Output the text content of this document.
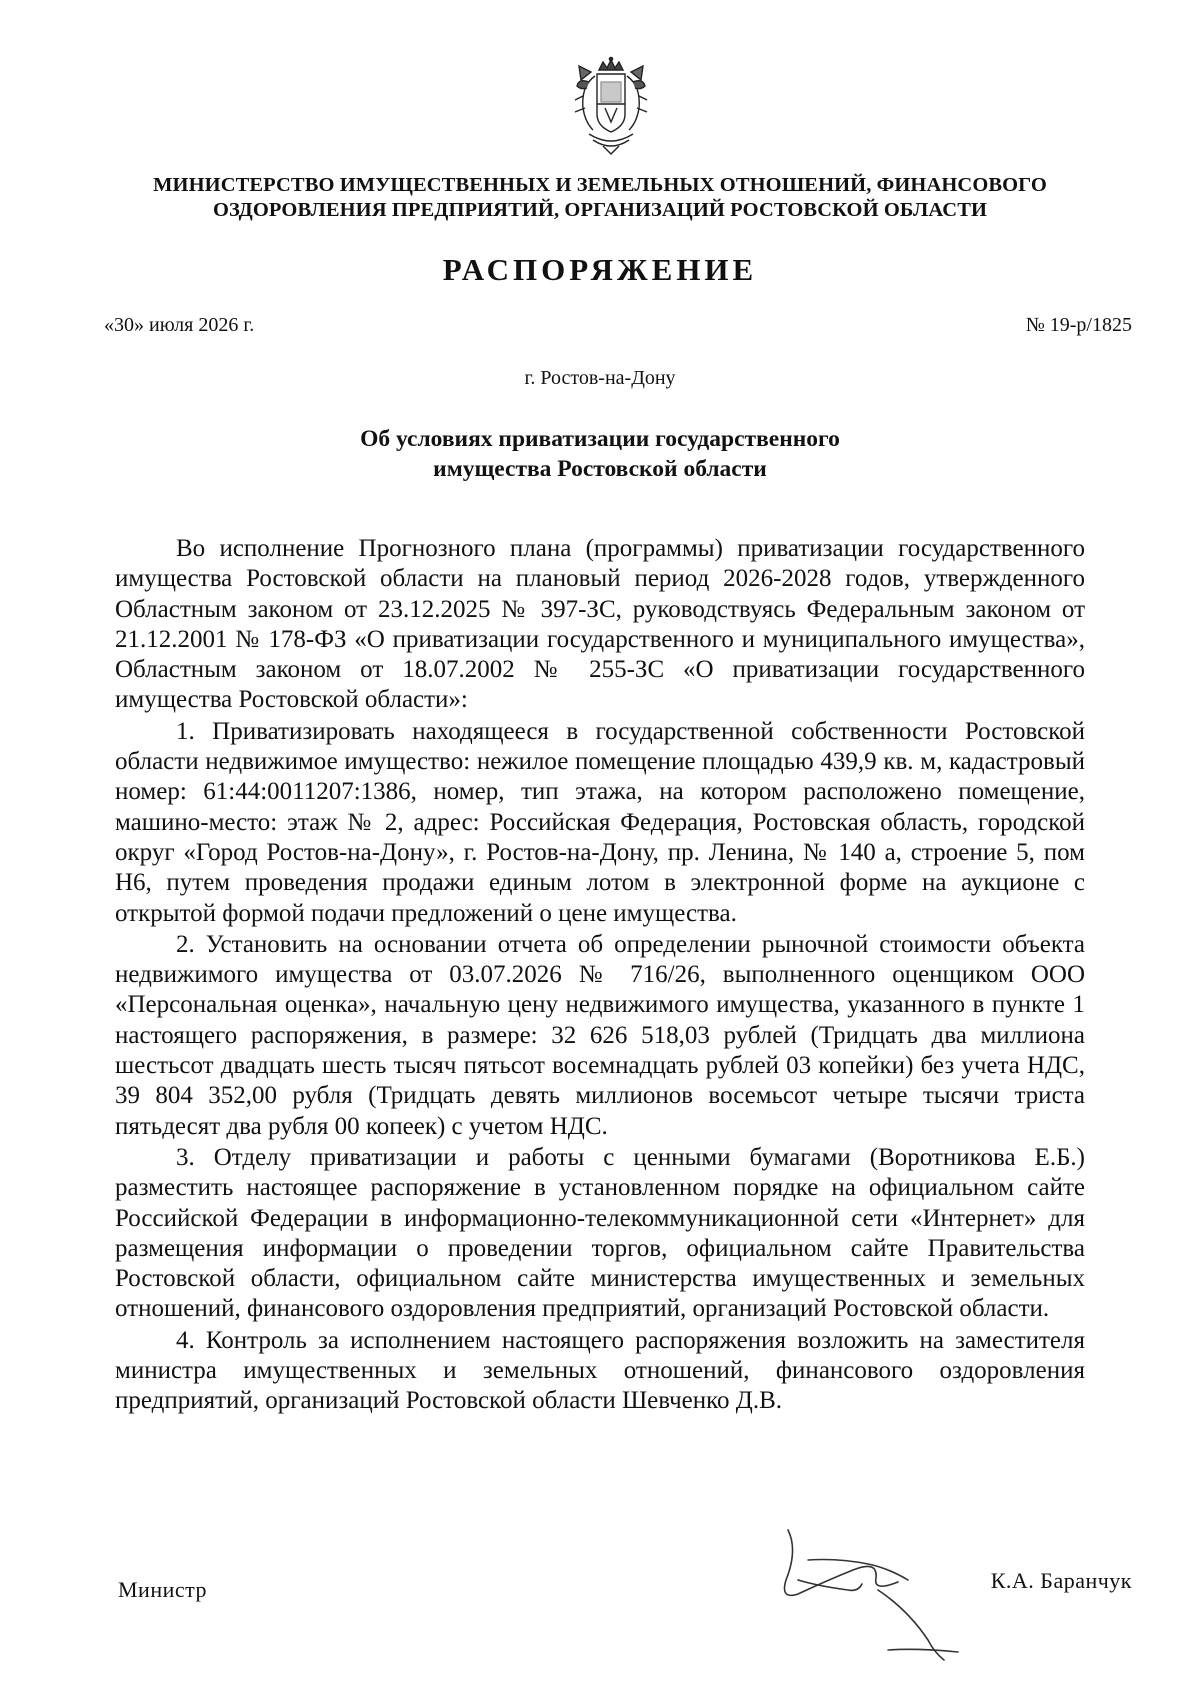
МИНИСТЕРСТВО ИМУЩЕСТВЕННЫХ И ЗЕМЕЛЬНЫХ ОТНОШЕНИЙ, ФИНАНСОВОГО
ОЗДОРОВЛЕНИЯ ПРЕДПРИЯТИЙ, ОРГАНИЗАЦИЙ РОСТОВСКОЙ ОБЛАСТИ
РАСПОРЯЖЕНИЕ
«30» июля 2026 г.	№ 19-р/1825
г. Ростов-на-Дону
Об условиях приватизации государственного
имущества Ростовской области

Во исполнение Прогнозного плана (программы) приватизации государственного имущества Ростовской области на плановый период 2026-2028 годов, утвержденного Областным законом от 23.12.2025 № 397-ЗС, руководствуясь Федеральным законом от 21.12.2001 № 178-ФЗ «О приватизации государственного и муниципального имущества», Областным законом от 18.07.2002 № 255-ЗС «О приватизации государственного имущества Ростовской области»:

1. Приватизировать находящееся в государственной собственности Ростовской области недвижимое имущество: нежилое помещение площадью 439,9 кв. м, кадастровый номер: 61:44:0011207:1386, номер, тип этажа, на котором расположено помещение, машино-место: этаж № 2, адрес: Российская Федерация, Ростовская область, городской округ «Город Ростов-на-Дону», г. Ростов-на-Дону, пр. Ленина, № 140 а, строение 5, пом Н6, путем проведения продажи единым лотом в электронной форме на аукционе с открытой формой подачи предложений о цене имущества.

2. Установить на основании отчета об определении рыночной стоимости объекта недвижимого имущества от 03.07.2026 № 716/26, выполненного оценщиком ООО «Персональная оценка», начальную цену недвижимого имущества, указанного в пункте 1 настоящего распоряжения, в размере: 32 626 518,03 рублей (Тридцать два миллиона шестьсот двадцать шесть тысяч пятьсот восемнадцать рублей 03 копейки) без учета НДС, 39 804 352,00 рубля (Тридцать девять миллионов восемьсот четыре тысячи триста пятьдесят два рубля 00 копеек) с учетом НДС.

3. Отделу приватизации и работы с ценными бумагами (Воротникова Е.Б.) разместить настоящее распоряжение в установленном порядке на официальном сайте Российской Федерации в информационно-телекоммуникационной сети «Интернет» для размещения информации о проведении торгов, официальном сайте Правительства Ростовской области, официальном сайте министерства имущественных и земельных отношений, финансового оздоровления предприятий, организаций Ростовской области.

4. Контроль за исполнением настоящего распоряжения возложить на заместителя министра имущественных и земельных отношений, финансового оздоровления предприятий, организаций Ростовской области Шевченко Д.В.

Министр	К.А. Баранчук
